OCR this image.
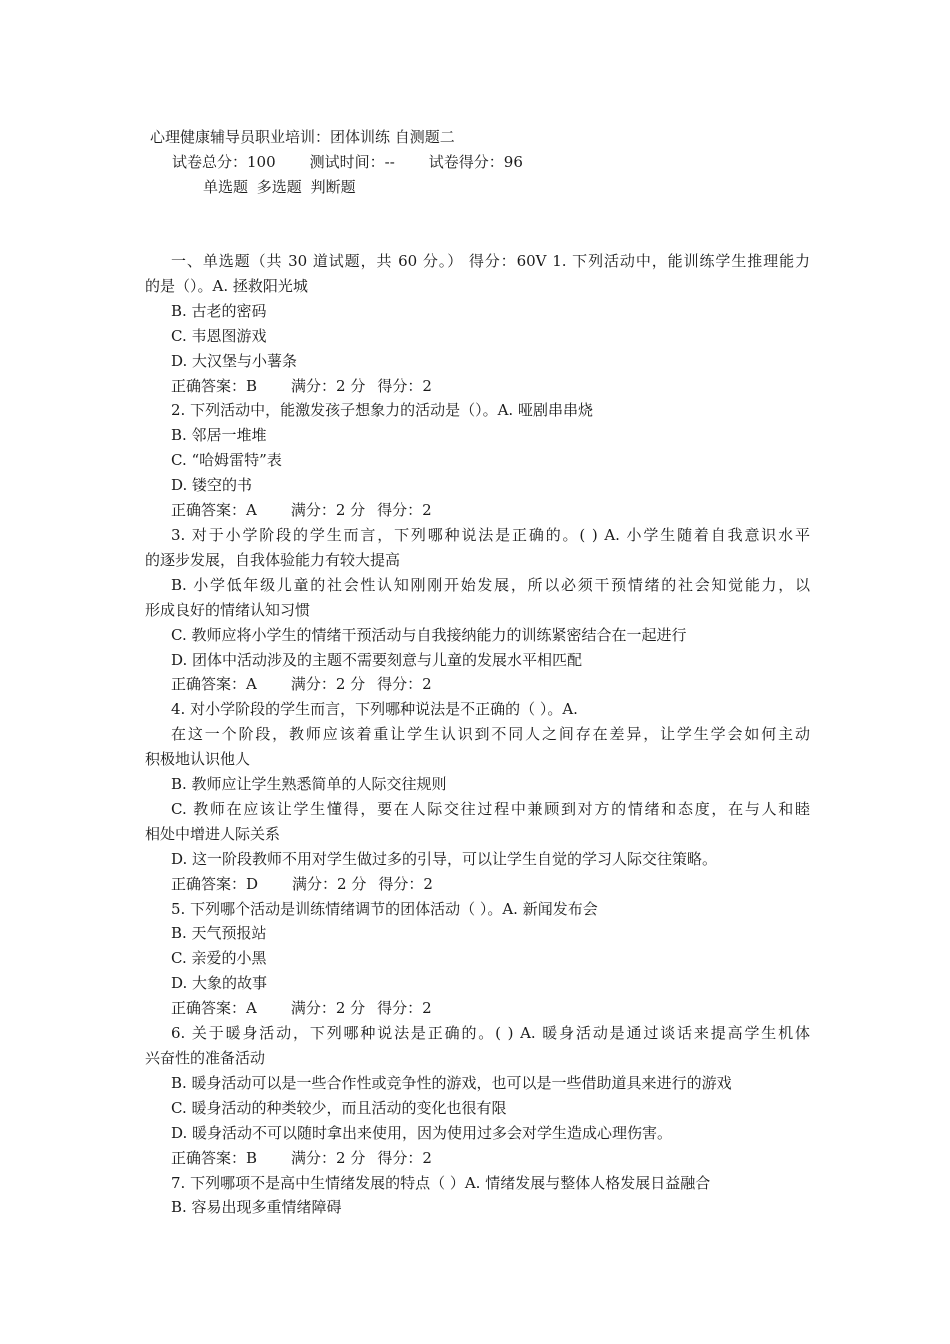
心理健康辅导员职业培训：团体训练 自测题二
试卷总分：100 测试时间：-- 试卷得分：96
单选题 多选题 判断题

一、单选题（共 30 道试题，共 60 分。） 得分：60V 1. 下列活动中，能训练学生推理能力

的是（）。A. 拯救阳光城

B. 古老的密码

C. 韦恩图游戏

D. 大汉堡与小薯条

正确答案：B 满分：2 分 得分：2

2. 下列活动中，能激发孩子想象力的活动是（）。A. 哑剧串串烧

B. 邻居一堆堆

C. “哈姆雷特”表

D. 镂空的书

正确答案：A 满分：2 分 得分：2

3. 对于小学阶段的学生而言，下列哪种说法是正确的。( ) A. 小学生随着自我意识水平

的逐步发展，自我体验能力有较大提高

B. 小学低年级儿童的社会性认知刚刚开始发展，所以必须干预情绪的社会知觉能力，以

形成良好的情绪认知习惯

C. 教师应将小学生的情绪干预活动与自我接纳能力的训练紧密结合在一起进行

D. 团体中活动涉及的主题不需要刻意与儿童的发展水平相匹配

正确答案：A 满分：2 分 得分：2

4. 对小学阶段的学生而言，下列哪种说法是不正确的（ ）。A.

在这一个阶段，教师应该着重让学生认识到不同人之间存在差异，让学生学会如何主动

积极地认识他人

B. 教师应让学生熟悉简单的人际交往规则

C. 教师在应该让学生懂得，要在人际交往过程中兼顾到对方的情绪和态度，在与人和睦

相处中增进人际关系

D. 这一阶段教师不用对学生做过多的引导，可以让学生自觉的学习人际交往策略。

正确答案：D 满分：2 分 得分：2

5. 下列哪个活动是训练情绪调节的团体活动（ ）。A. 新闻发布会

B. 天气预报站

C. 亲爱的小黑

D. 大象的故事

正确答案：A 满分：2 分 得分：2

6. 关于暖身活动，下列哪种说法是正确的。( ) A. 暖身活动是通过谈话来提高学生机体

兴奋性的准备活动

B. 暖身活动可以是一些合作性或竞争性的游戏，也可以是一些借助道具来进行的游戏

C. 暖身活动的种类较少，而且活动的变化也很有限

D. 暖身活动不可以随时拿出来使用，因为使用过多会对学生造成心理伤害。

正确答案：B 满分：2 分 得分：2

7. 下列哪项不是高中生情绪发展的特点（ ）A. 情绪发展与整体人格发展日益融合

B. 容易出现多重情绪障碍
